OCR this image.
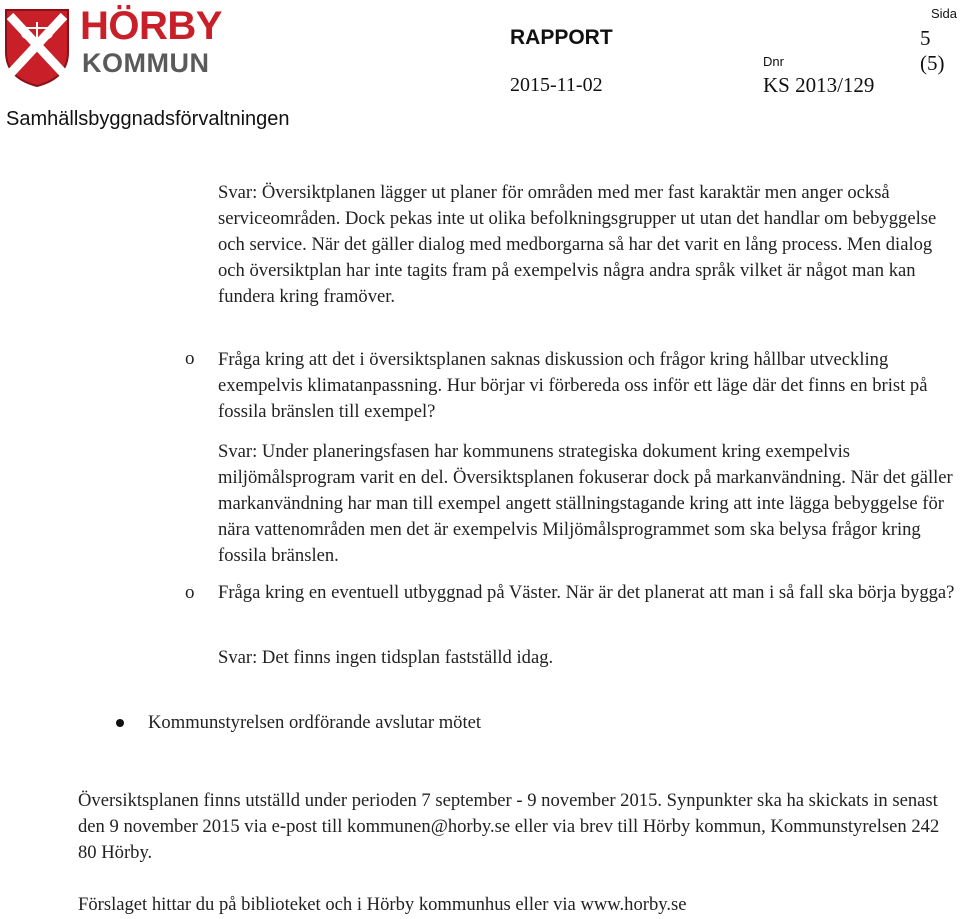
HÖRBY
KOMMUN
Samhällsbyggnadsförvaltningen
RAPPORT
2015-11-02
Sida
5 (5)
Dnr
KS 2013/129
Svar: Översiktplanen lägger ut planer för områden med mer fast karaktär men anger också serviceområden. Dock pekas inte ut olika befolkningsgrupper ut utan det handlar om bebyggelse och service. När det gäller dialog med medborgarna så har det varit en lång process. Men dialog och översiktplan har inte tagits fram på exempelvis några andra språk vilket är något man kan fundera kring framöver.
o Fråga kring att det i översiktsplanen saknas diskussion och frågor kring hållbar utveckling exempelvis klimatanpassning. Hur börjar vi förbereda oss inför ett läge där det finns en brist på fossila bränslen till exempel?
Svar: Under planeringsfasen har kommunens strategiska dokument kring exempelvis miljömålsprogram varit en del. Översiktsplanen fokuserar dock på markanvändning. När det gäller markanvändning har man till exempel angett ställningstagande kring att inte lägga bebyggelse för nära vattenområden men det är exempelvis Miljömålsprogrammet som ska belysa frågor kring fossila bränslen.
o Fråga kring en eventuell utbyggnad på Väster. När är det planerat att man i så fall ska börja bygga?
Svar: Det finns ingen tidsplan fastställd idag.
Kommunstyrelsen ordförande avslutar mötet
Översiktsplanen finns utställd under perioden 7 september - 9 november 2015. Synpunkter ska ha skickats in senast den 9 november 2015 via e-post till kommunen@horby.se eller via brev till Hörby kommun, Kommunstyrelsen 242 80 Hörby.
Förslaget hittar du på biblioteket och i Hörby kommunhus eller via www.horby.se
